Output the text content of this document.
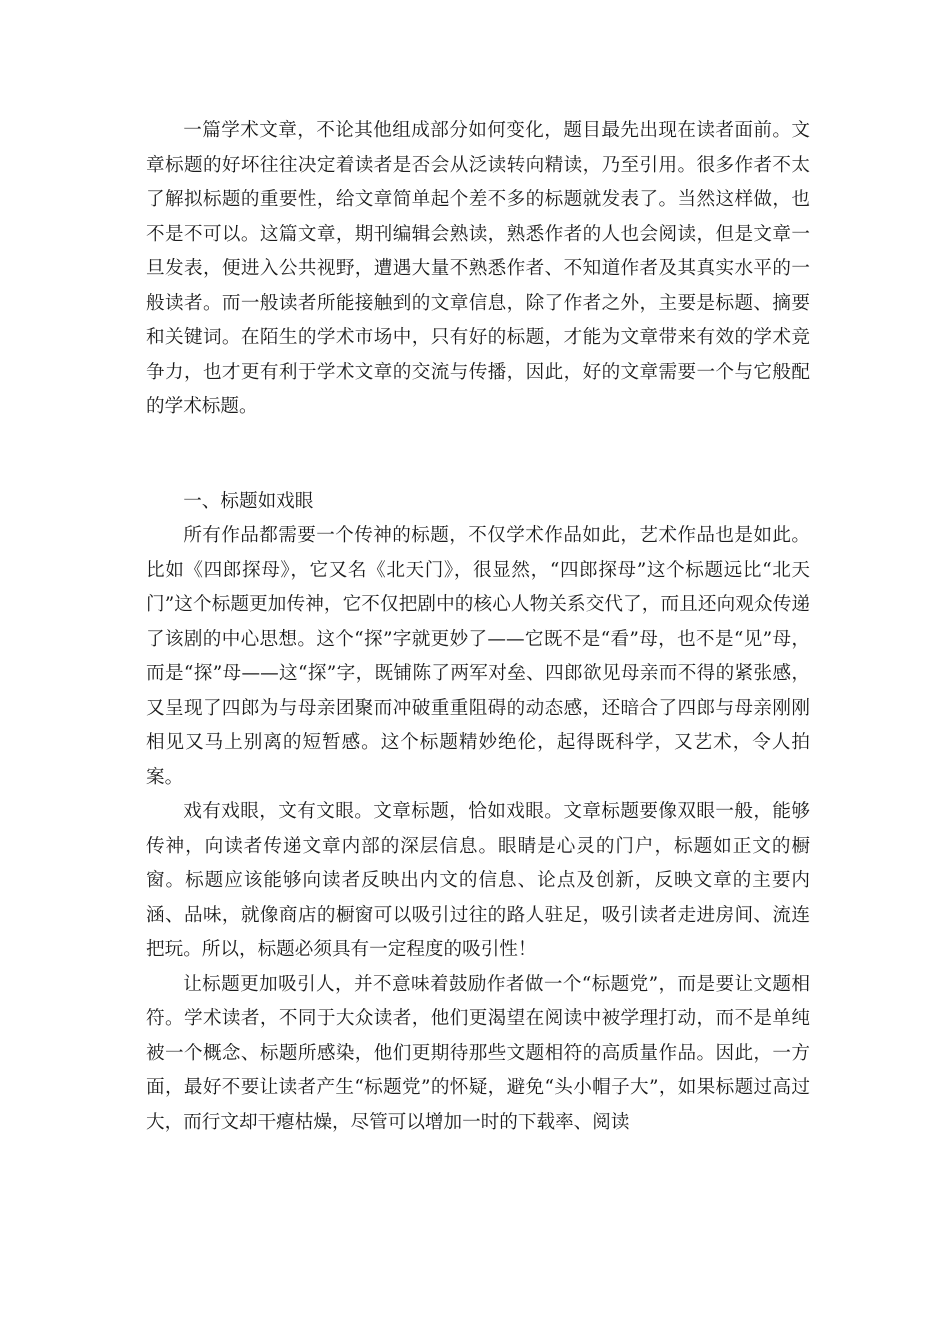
一篇学术文章，不论其他组成部分如何变化，题目最先出现在读者面前。文章标题的好坏往往决定着读者是否会从泛读转向精读，乃至引用。很多作者不太了解拟标题的重要性，给文章简单起个差不多的标题就发表了。当然这样做，也不是不可以。这篇文章，期刊编辑会熟读，熟悉作者的人也会阅读，但是文章一旦发表，便进入公共视野，遭遇大量不熟悉作者、不知道作者及其真实水平的一般读者。而一般读者所能接触到的文章信息，除了作者之外，主要是标题、摘要和关键词。在陌生的学术市场中，只有好的标题，才能为文章带来有效的学术竞争力，也才更有利于学术文章的交流与传播，因此，好的文章需要一个与它般配的学术标题。

一、标题如戏眼

所有作品都需要一个传神的标题，不仅学术作品如此，艺术作品也是如此。比如《四郎探母》，它又名《北天门》，很显然，“四郎探母”这个标题远比“北天门”这个标题更加传神，它不仅把剧中的核心人物关系交代了，而且还向观众传递了该剧的中心思想。这个“探”字就更妙了——它既不是“看”母，也不是“见”母，而是“探”母——这“探”字，既铺陈了两军对垒、四郎欲见母亲而不得的紧张感，又呈现了四郎为与母亲团聚而冲破重重阻碍的动态感，还暗合了四郎与母亲刚刚相见又马上别离的短暂感。这个标题精妙绝伦，起得既科学，又艺术，令人拍案。

戏有戏眼，文有文眼。文章标题，恰如戏眼。文章标题要像双眼一般，能够传神，向读者传递文章内部的深层信息。眼睛是心灵的门户，标题如正文的橱窗。标题应该能够向读者反映出内文的信息、论点及创新，反映文章的主要内涵、品味，就像商店的橱窗可以吸引过往的路人驻足，吸引读者走进房间、流连把玩。所以，标题必须具有一定程度的吸引性！

让标题更加吸引人，并不意味着鼓励作者做一个“标题党”，而是要让文题相符。学术读者，不同于大众读者，他们更渴望在阅读中被学理打动，而不是单纯被一个概念、标题所感染，他们更期待那些文题相符的高质量作品。因此，一方面，最好不要让读者产生“标题党”的怀疑，避免“头小帽子大”，如果标题过高过大，而行文却干瘪枯燥，尽管可以增加一时的下载率、阅读
